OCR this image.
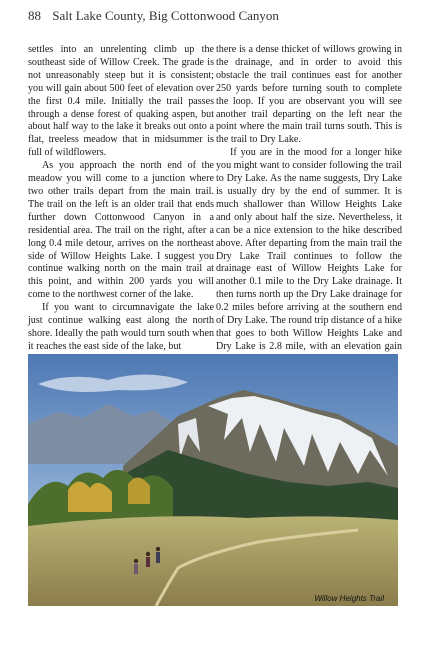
88 Salt Lake County, Big Cottonwood Canyon

settles into an unrelenting climb up the southeast side of Willow Creek. The grade is not unreasonably steep but it is consistent; you will gain about 500 feet of elevation over the first 0.4 mile. Initially the trail passes through a dense forest of quaking aspen, but about half way to the lake it breaks out onto a flat, treeless meadow that in midsummer is full of wildflowers.

As you approach the north end of the meadow you will come to a junction where two other trails depart from the main trail. The trail on the left is an older trail that ends further down Cottonwood Canyon in a residential area. The trail on the right, after a long 0.4 mile detour, arrives on the northeast side of Willow Heights Lake. I suggest you continue walking north on the main trail at this point, and within 200 yards you will come to the northwest corner of the lake.

If you want to circumnavigate the lake just continue walking east along the north shore. Ideally the path would turn south when it reaches the east side of the lake, but

there is a dense thicket of willows growing in the drainage, and in order to avoid this obstacle the trail continues east for another 250 yards before turning south to complete the loop. If you are observant you will see another trail departing on the left near the point where the main trail turns south. This is the trail to Dry Lake.

If you are in the mood for a longer hike you might want to consider following the trail to Dry Lake. As the name suggests, Dry Lake is usually dry by the end of summer. It is much shallower than Willow Heights Lake and only about half the size. Nevertheless, it can be a nice extension to the hike described above. After departing from the main trail the Dry Lake Trail continues to follow the drainage east of Willow Heights Lake for another 0.1 mile to the Dry Lake drainage. It then turns north up the Dry Lake drainage for 0.2 miles before arriving at the southern end of Dry Lake. The round trip distance of a hike that goes to both Willow Heights Lake and Dry Lake is 2.8 mile, with an elevation gain

Willow Heights Trail
